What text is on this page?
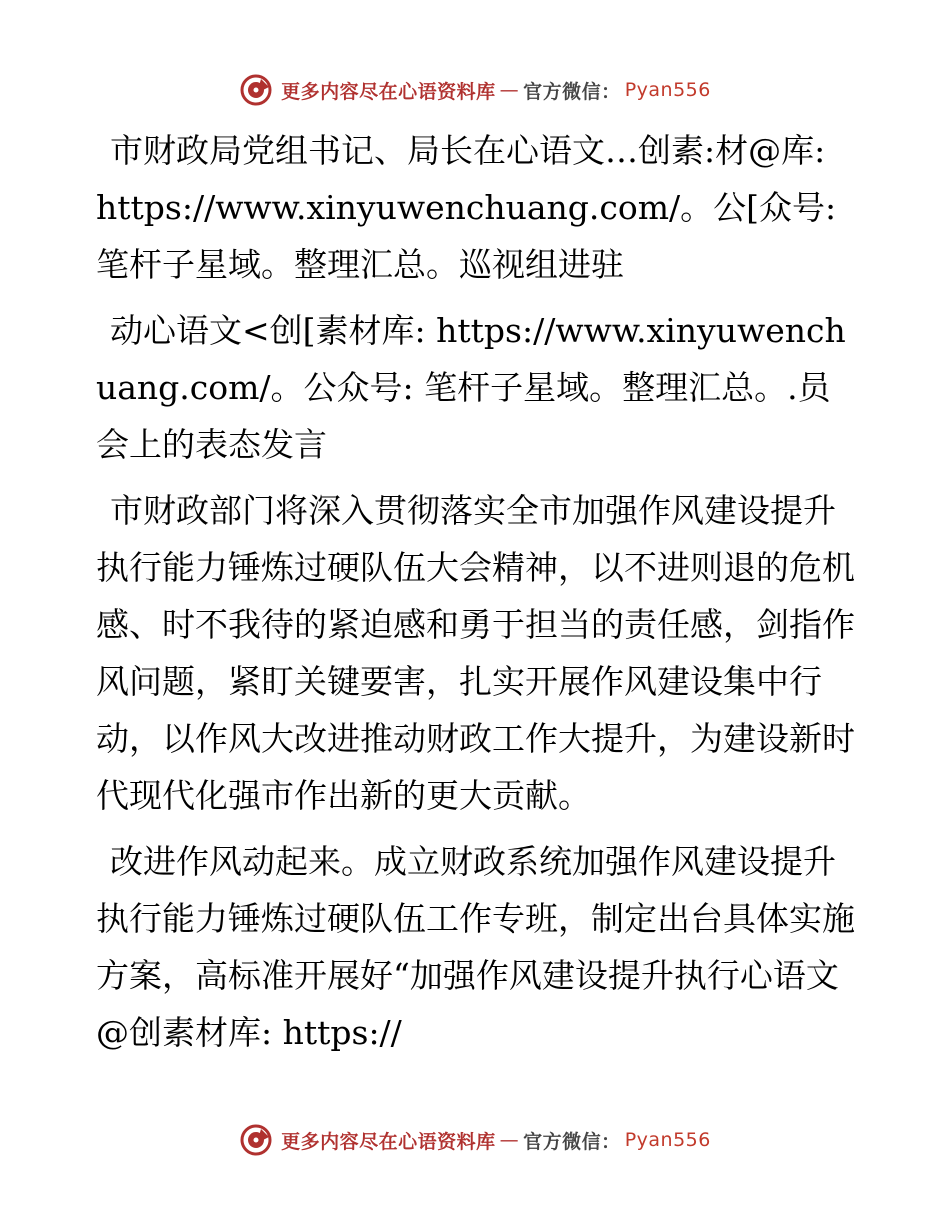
更多内容尽在心语资料库 — 官方微信： Pyan556

市财政局党组书记、局长在心语文…创素:材@库: https://www.xinyuwenchuang.com/。公[众号: 笔杆子星域。整理汇总。巡视组进驻

动心语文<创[素材库: https://www.xinyuwenchuang.com/。公众号: 笔杆子星域。整理汇总。.员会上的表态发言

市财政部门将深入贯彻落实全市加强作风建设提升执行能力锤炼过硬队伍大会精神，以不进则退的危机感、时不我待的紧迫感和勇于担当的责任感，剑指作风问题，紧盯关键要害，扎实开展作风建设集中行动，以作风大改进推动财政工作大提升，为建设新时代现代化强市作出新的更大贡献。

改进作风动起来。成立财政系统加强作风建设提升执行能力锤炼过硬队伍工作专班，制定出台具体实施方案，高标准开展好“加强作风建设提升执行心语文@创素材库: https://

更多内容尽在心语资料库 — 官方微信： Pyan556
